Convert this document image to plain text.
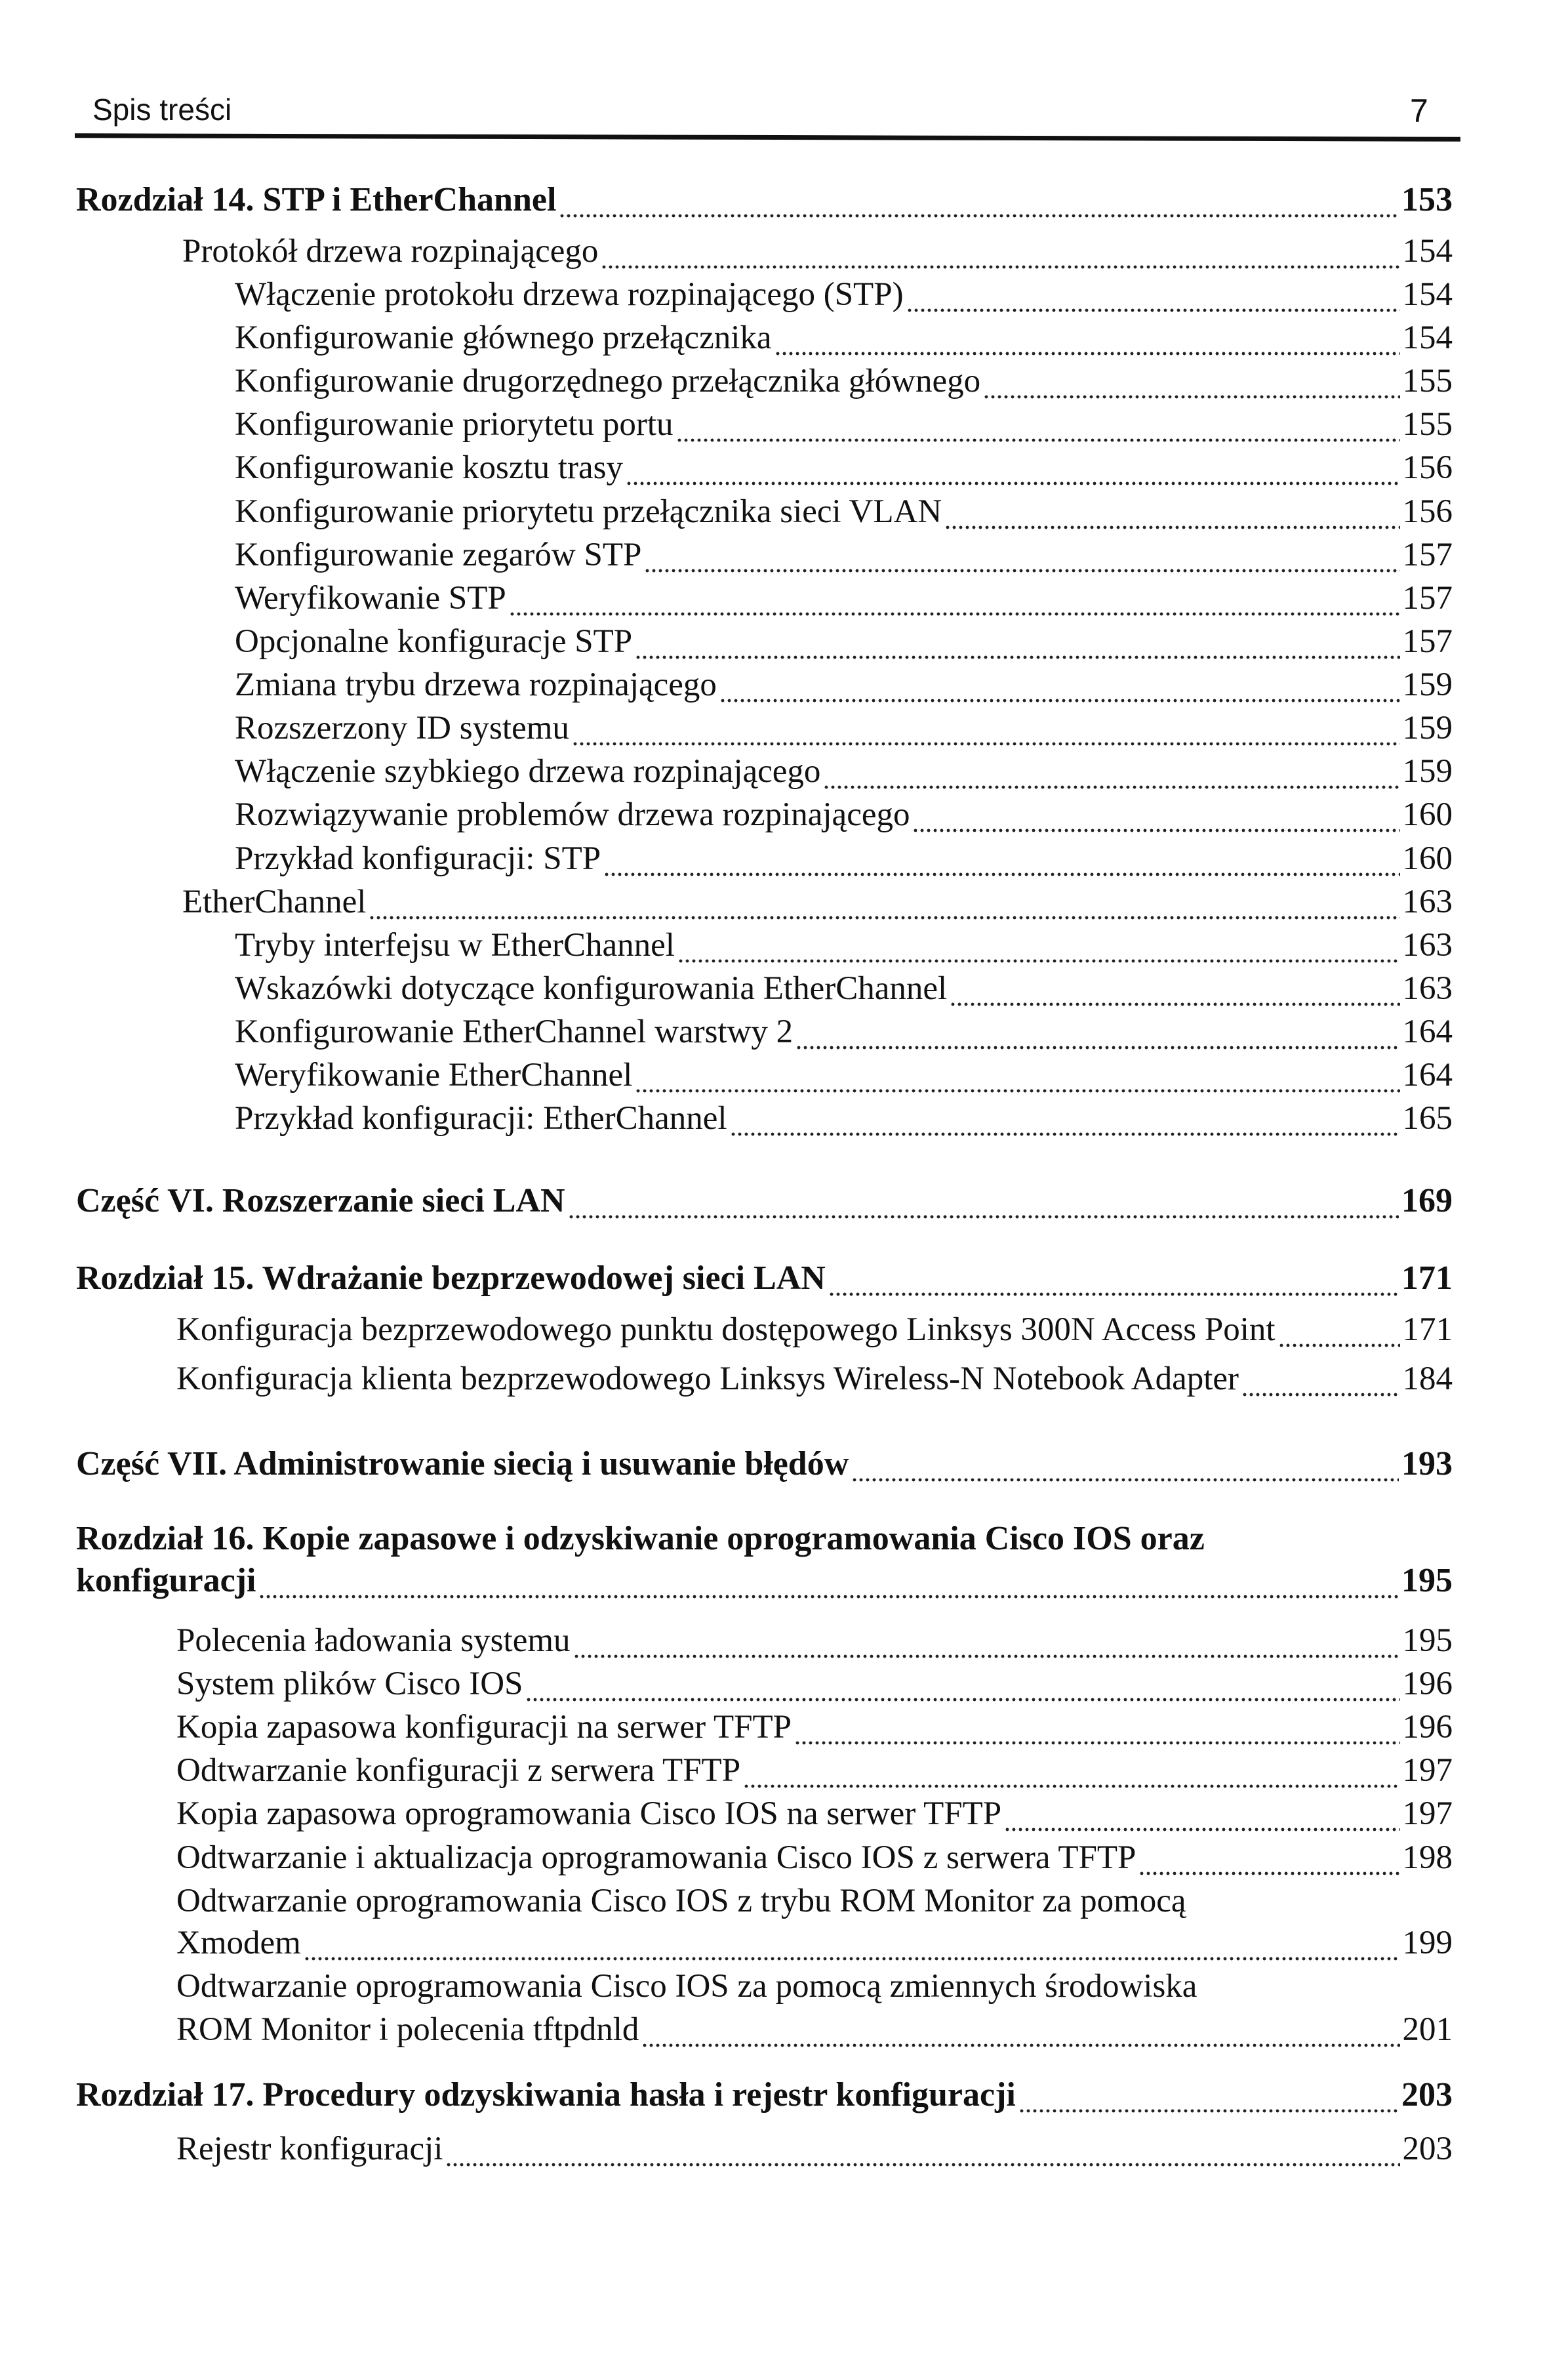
Spis treści	7
Rozdział 14. STP i EtherChannel	153
Protokół drzewa rozpinającego	154
Włączenie protokołu drzewa rozpinającego (STP)	154
Konfigurowanie głównego przełącznika	154
Konfigurowanie drugorzędnego przełącznika głównego	155
Konfigurowanie priorytetu portu	155
Konfigurowanie kosztu trasy	156
Konfigurowanie priorytetu przełącznika sieci VLAN	156
Konfigurowanie zegarów STP	157
Weryfikowanie STP	157
Opcjonalne konfiguracje STP	157
Zmiana trybu drzewa rozpinającego	159
Rozszerzony ID systemu	159
Włączenie szybkiego drzewa rozpinającego	159
Rozwiązywanie problemów drzewa rozpinającego	160
Przykład konfiguracji: STP	160
EtherChannel	163
Tryby interfejsu w EtherChannel	163
Wskazówki dotyczące konfigurowania EtherChannel	163
Konfigurowanie EtherChannel warstwy 2	164
Weryfikowanie EtherChannel	164
Przykład konfiguracji: EtherChannel	165
Część VI. Rozszerzanie sieci LAN	169
Rozdział 15. Wdrażanie bezprzewodowej sieci LAN	171
Konfiguracja bezprzewodowego punktu dostępowego Linksys 300N Access Point	171
Konfiguracja klienta bezprzewodowego Linksys Wireless-N Notebook Adapter	184
Część VII. Administrowanie siecią i usuwanie błędów	193
Rozdział 16. Kopie zapasowe i odzyskiwanie oprogramowania Cisco IOS oraz
konfiguracji	195
Polecenia ładowania systemu	195
System plików Cisco IOS	196
Kopia zapasowa konfiguracji na serwer TFTP	196
Odtwarzanie konfiguracji z serwera TFTP	197
Kopia zapasowa oprogramowania Cisco IOS na serwer TFTP	197
Odtwarzanie i aktualizacja oprogramowania Cisco IOS z serwera TFTP	198
Odtwarzanie oprogramowania Cisco IOS z trybu ROM Monitor za pomocą
Xmodem	199
Odtwarzanie oprogramowania Cisco IOS za pomocą zmiennych środowiska
ROM Monitor i polecenia tftpdnld	201
Rozdział 17. Procedury odzyskiwania hasła i rejestr konfiguracji	203
Rejestr konfiguracji	203
